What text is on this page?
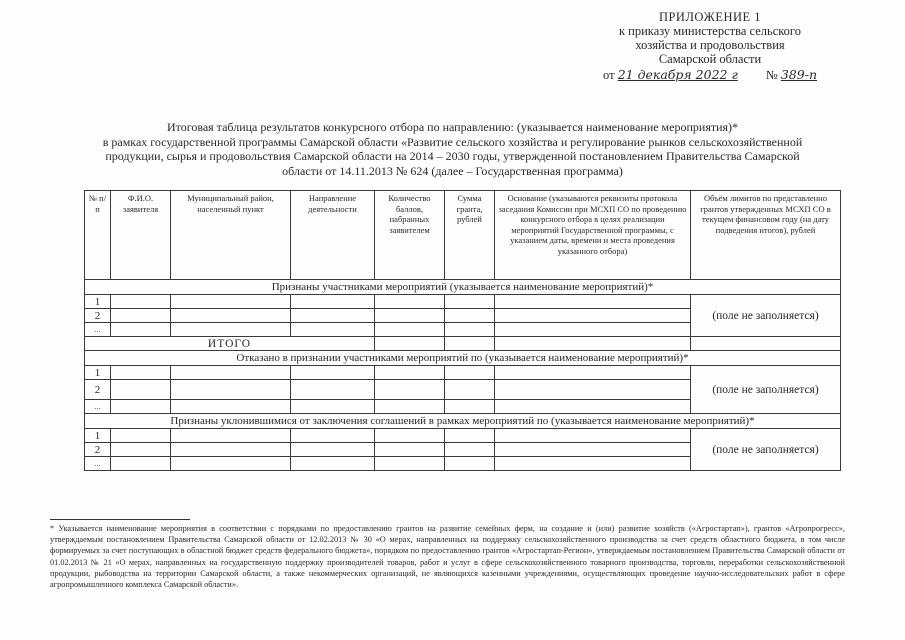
ПРИЛОЖЕНИЕ 1
к приказу министерства сельского
хозяйства и продовольствия
Самарской области
от 21 декабря 2022 г № 389-п
Итоговая таблица результатов конкурсного отбора по направлению: (указывается наименование мероприятия)*
в рамках государственной программы Самарской области «Развитие сельского хозяйства и регулирование рынков сельскохозяйственной
продукции, сырья и продовольствия Самарской области на 2014 – 2030 годы, утвержденной постановлением Правительства Самарской
области от 14.11.2013 № 624 (далее – Государственная программа)
№ п/п	Ф.И.О. заявителя	Муниципальный район, населенный пункт	Направление деятельности	Количество баллов, набранных заявителем	Сумма гранта, рублей	Основание (указываются реквизиты протокола заседания Комиссии при МСХП СО по проведению конкурсного отбора в целях реализации мероприятий Государственной программы, с указанием даты, времени и места проведения указанного отбора)	Объём лимитов по представленно грантов утвержденных МСХП СО в текущем финансовом году (на дату подведения итогов), рублей
Признаны участниками мероприятий (указывается наименование мероприятий)*							
1							(поле не заполняется)
2							
...							
ИТОГО							
Отказано в признании участниками мероприятий по (указывается наименование мероприятий)*							
1							(поле не заполняется)
2							
...							
Признаны уклонившимися от заключения соглашений в рамках мероприятий по (указывается наименование мероприятий)*							
1							(поле не заполняется)
2							
...							
* Указывается наименование мероприятия в соответствии с порядками по предоставлению грантов на развитие семейных ферм, на создание и (или) развитие хозяйств («Агростартап»), грантов «Агропрогресс», утверждаемым постановлением Правительства Самарской области от 12.02.2013 № 30 «О мерах, направленных на поддержку сельскохозяйственного производства за счет средств областного бюджета, в том числе формируемых за счет поступающих в областной бюджет средств федерального бюджета», порядком по предоставлению грантов «Агростартап-Регион», утверждаемым постановлением Правительства Самарской области от 01.02.2013 № 21 «О мерах, направленных на государственную поддержку производителей товаров, работ и услуг в сфере сельскохозяйственного товарного производства, торговли, переработки сельскохозяйственной продукции, рыбоводства на территории Самарской области, а также некоммерческих организаций, не являющихся казенными учреждениями, осуществляющих проведение научно-исследовательских работ в сфере агропромышленного комплекса Самарской области».
